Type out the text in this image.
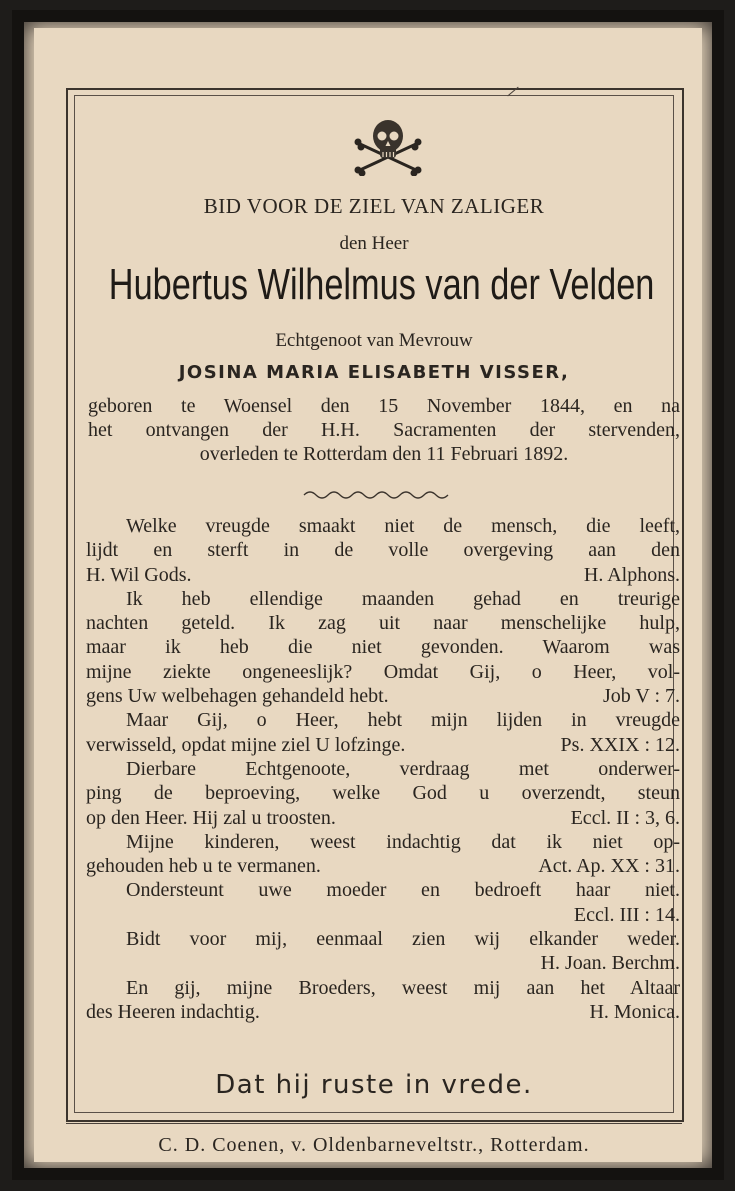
BID VOOR DE ZIEL VAN ZALIGER
den Heer
Hubertus Wilhelmus van der Velden
Echtgenoot van Mevrouw
JOSINA MARIA ELISABETH VISSER,
geboren te Woensel den 15 November 1844, en na
het ontvangen der H.H. Sacramenten der stervenden,
overleden te Rotterdam den 11 Februari 1892.

Welke vreugde smaakt niet de mensch, die leeft,

lijdt en sterft in de volle overgeving aan den

H. Wil Gods.	H. Alphons.

Ik heb ellendige maanden gehad en treurige

nachten geteld. Ik zag uit naar menschelijke hulp,

maar ik heb die niet gevonden. Waarom was

mijne ziekte ongeneeslijk? Omdat Gij, o Heer, vol-

gens Uw welbehagen gehandeld hebt.	Job V : 7.

Maar Gij, o Heer, hebt mijn lijden in vreugde

verwisseld, opdat mijne ziel U lofzinge.	Ps. XXIX : 12.

Dierbare Echtgenoote, verdraag met onderwer-

ping de beproeving, welke God u overzendt, steun

op den Heer. Hij zal u troosten.	Eccl. II : 3, 6.

Mijne kinderen, weest indachtig dat ik niet op-

gehouden heb u te vermanen.	Act. Ap. XX : 31.

Ondersteunt uwe moeder en bedroeft haar niet.

Eccl. III : 14.

Bidt voor mij, eenmaal zien wij elkander weder.

H. Joan. Berchm.

En gij, mijne Broeders, weest mij aan het Altaar

des Heeren indachtig.	H. Monica.
Dat hij ruste in vrede.
C. D. Coenen, v. Oldenbarneveltstr., Rotterdam.
